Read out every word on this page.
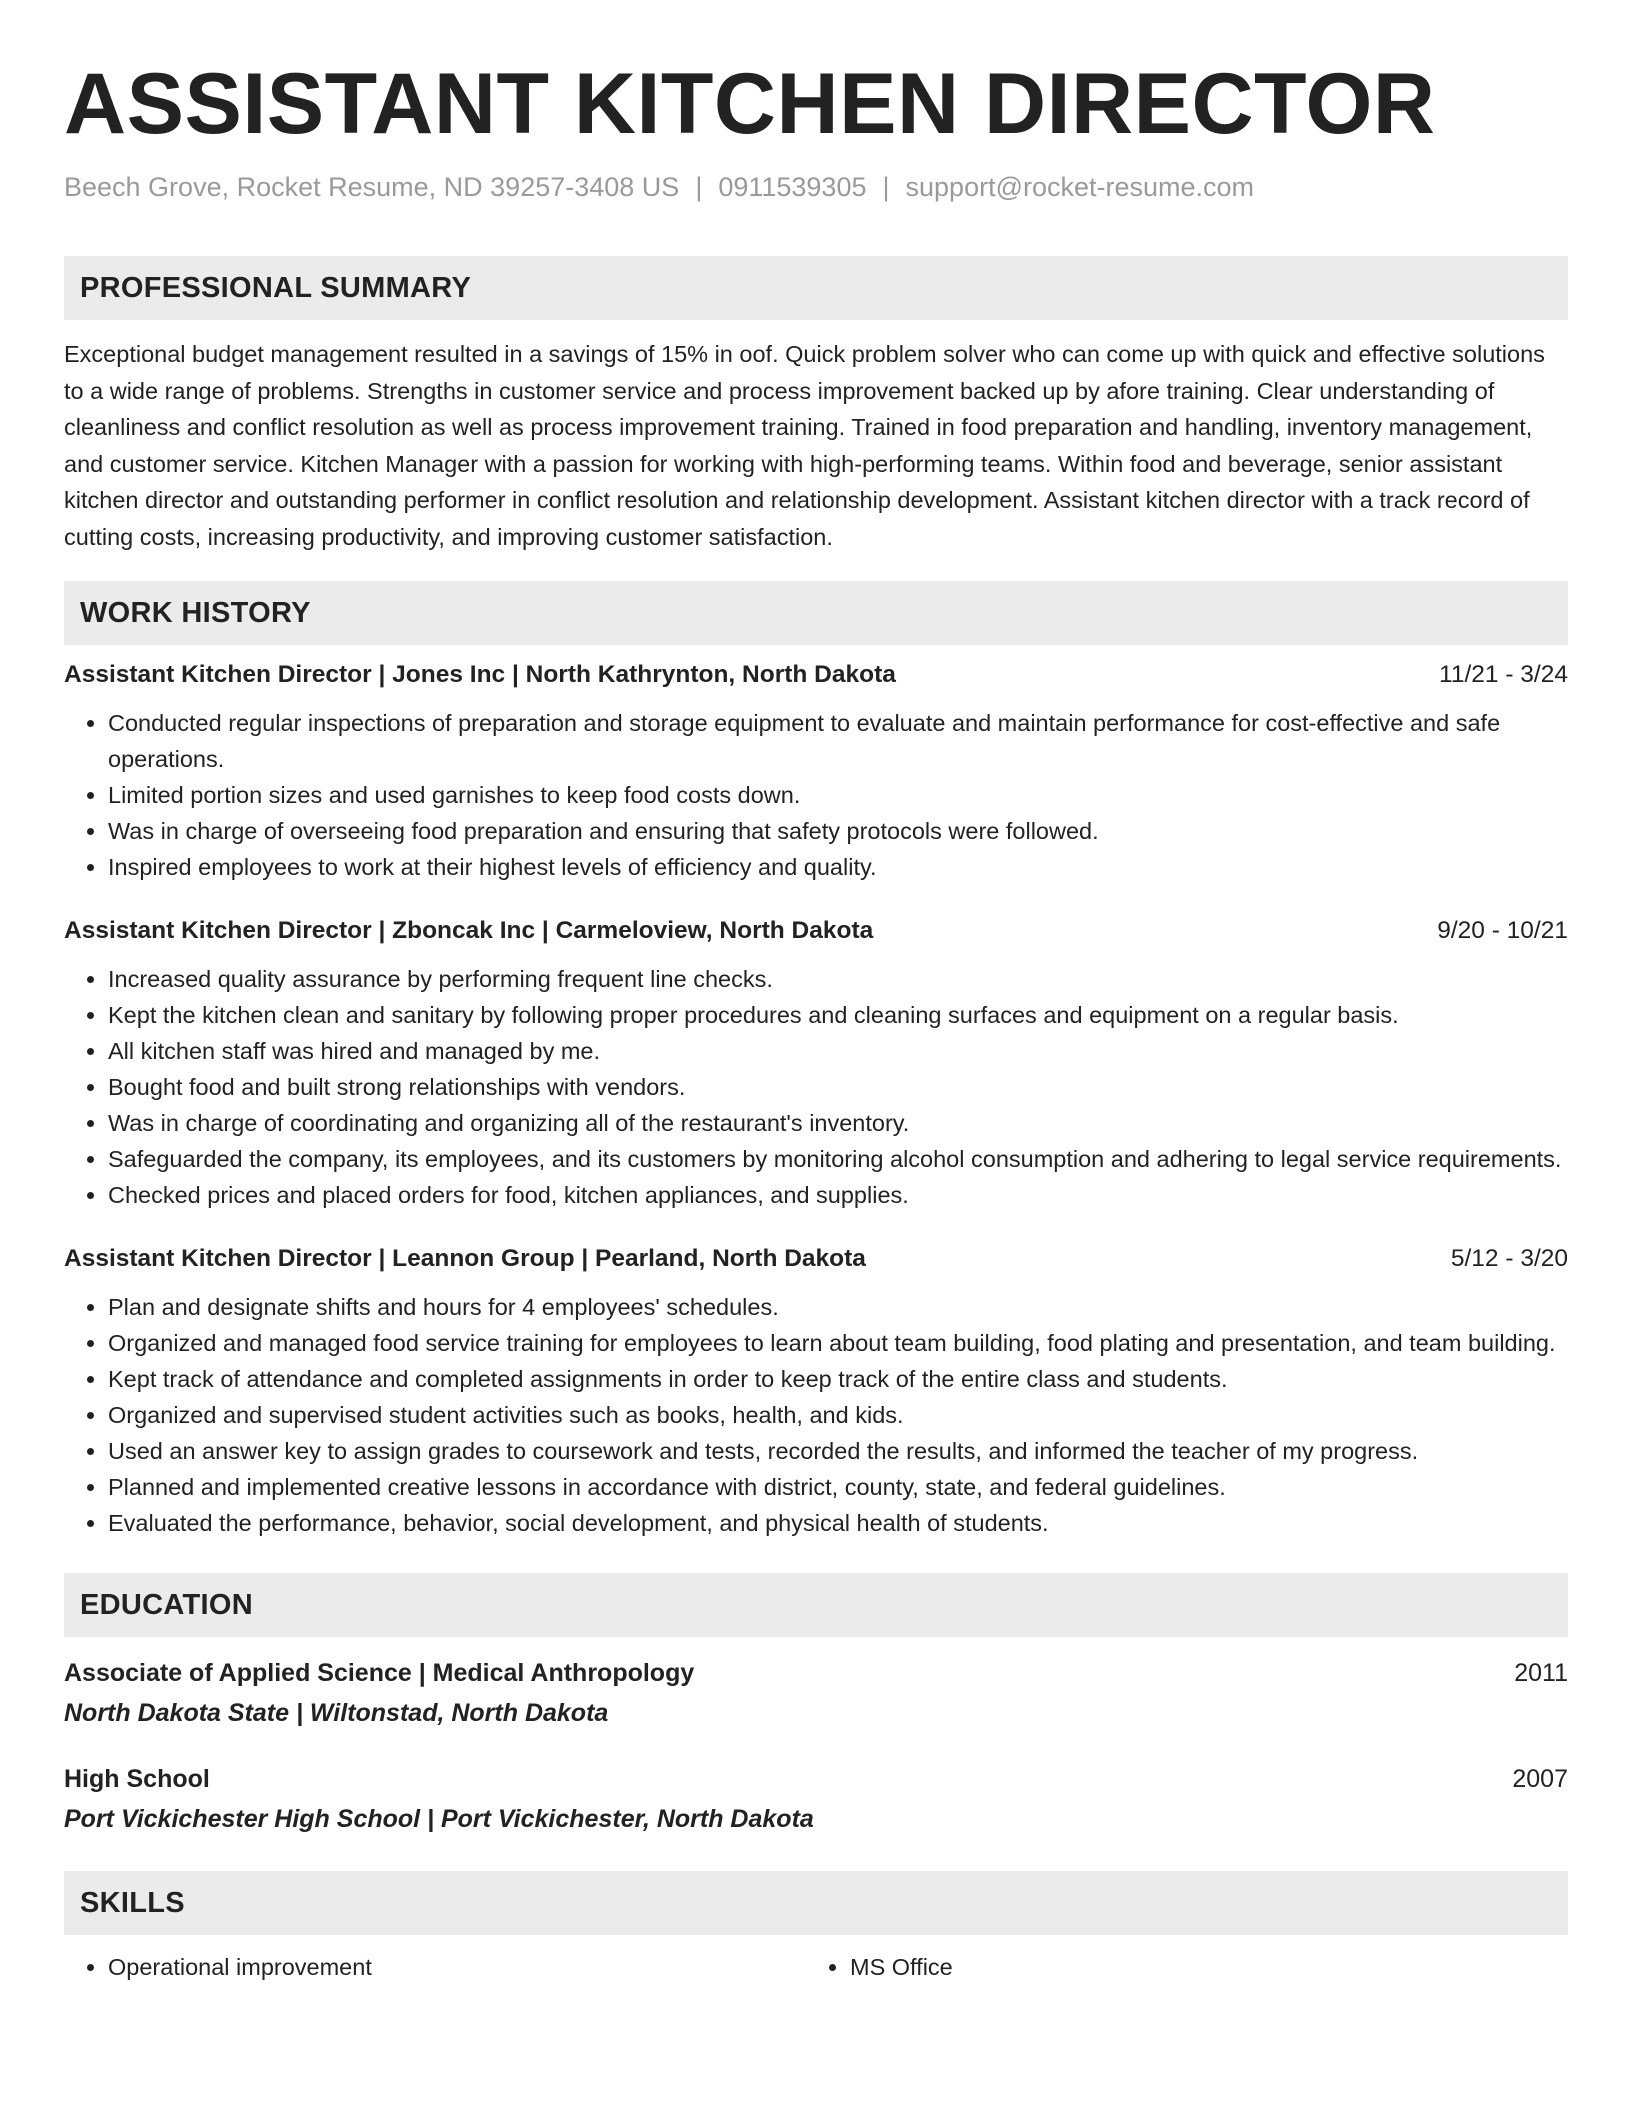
ASSISTANT KITCHEN DIRECTOR
Beech Grove, Rocket Resume, ND 39257-3408 US | 0911539305 | support@rocket-resume.com
PROFESSIONAL SUMMARY
Exceptional budget management resulted in a savings of 15% in oof. Quick problem solver who can come up with quick and effective solutions to a wide range of problems. Strengths in customer service and process improvement backed up by afore training. Clear understanding of cleanliness and conflict resolution as well as process improvement training. Trained in food preparation and handling, inventory management, and customer service. Kitchen Manager with a passion for working with high-performing teams. Within food and beverage, senior assistant kitchen director and outstanding performer in conflict resolution and relationship development. Assistant kitchen director with a track record of cutting costs, increasing productivity, and improving customer satisfaction.
WORK HISTORY
Assistant Kitchen Director | Jones Inc | North Kathrynton, North Dakota	11/21 - 3/24
• Conducted regular inspections of preparation and storage equipment to evaluate and maintain performance for cost-effective and safe operations.
• Limited portion sizes and used garnishes to keep food costs down.
• Was in charge of overseeing food preparation and ensuring that safety protocols were followed.
• Inspired employees to work at their highest levels of efficiency and quality.
Assistant Kitchen Director | Zboncak Inc | Carmeloview, North Dakota	9/20 - 10/21
• Increased quality assurance by performing frequent line checks.
• Kept the kitchen clean and sanitary by following proper procedures and cleaning surfaces and equipment on a regular basis.
• All kitchen staff was hired and managed by me.
• Bought food and built strong relationships with vendors.
• Was in charge of coordinating and organizing all of the restaurant's inventory.
• Safeguarded the company, its employees, and its customers by monitoring alcohol consumption and adhering to legal service requirements.
• Checked prices and placed orders for food, kitchen appliances, and supplies.
Assistant Kitchen Director | Leannon Group | Pearland, North Dakota	5/12 - 3/20
• Plan and designate shifts and hours for 4 employees' schedules.
• Organized and managed food service training for employees to learn about team building, food plating and presentation, and team building.
• Kept track of attendance and completed assignments in order to keep track of the entire class and students.
• Organized and supervised student activities such as books, health, and kids.
• Used an answer key to assign grades to coursework and tests, recorded the results, and informed the teacher of my progress.
• Planned and implemented creative lessons in accordance with district, county, state, and federal guidelines.
• Evaluated the performance, behavior, social development, and physical health of students.
EDUCATION
Associate of Applied Science | Medical Anthropology	2011
North Dakota State | Wiltonstad, North Dakota
High School	2007
Port Vickichester High School | Port Vickichester, North Dakota
SKILLS
• Operational improvement
•	MS Office
